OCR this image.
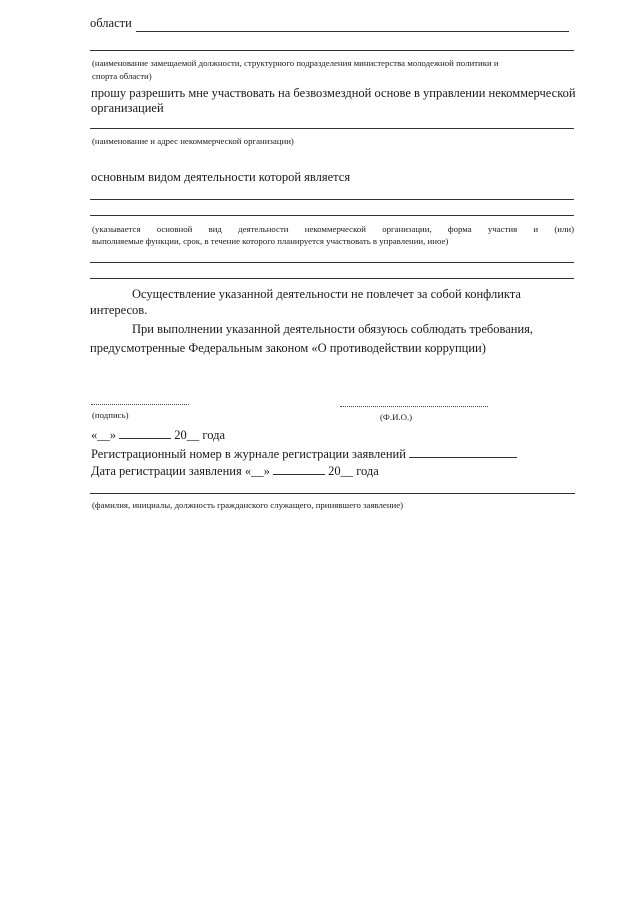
области
(наименование замещаемой должности, структурного подразделения министерства молодежной политики и
спорта области)
прошу разрешить мне участвовать на безвозмездной основе в управлении некоммерческой
организацией
(наименование и адрес некоммерческой организации)
основным видом деятельности которой является
(указывается основной вид деятельности некоммерческой организации, форма участия и (или)
выполняемые функции, срок, в течение которого планируется участвовать в управлении, иное)
Осуществление указанной деятельности не повлечет за собой конфликта
интересов.
При выполнении указанной деятельности обязуюсь соблюдать требования,
предусмотренные Федеральным законом «О противодействии коррупции)
(подпись)	(Ф.И.О.)
«__»	20__ года
Регистрационный номер в журнале регистрации заявлений
Дата регистрации заявления «__»	20__ года
(фамилия, инициалы, должность гражданского служащего, принявшего заявление)
